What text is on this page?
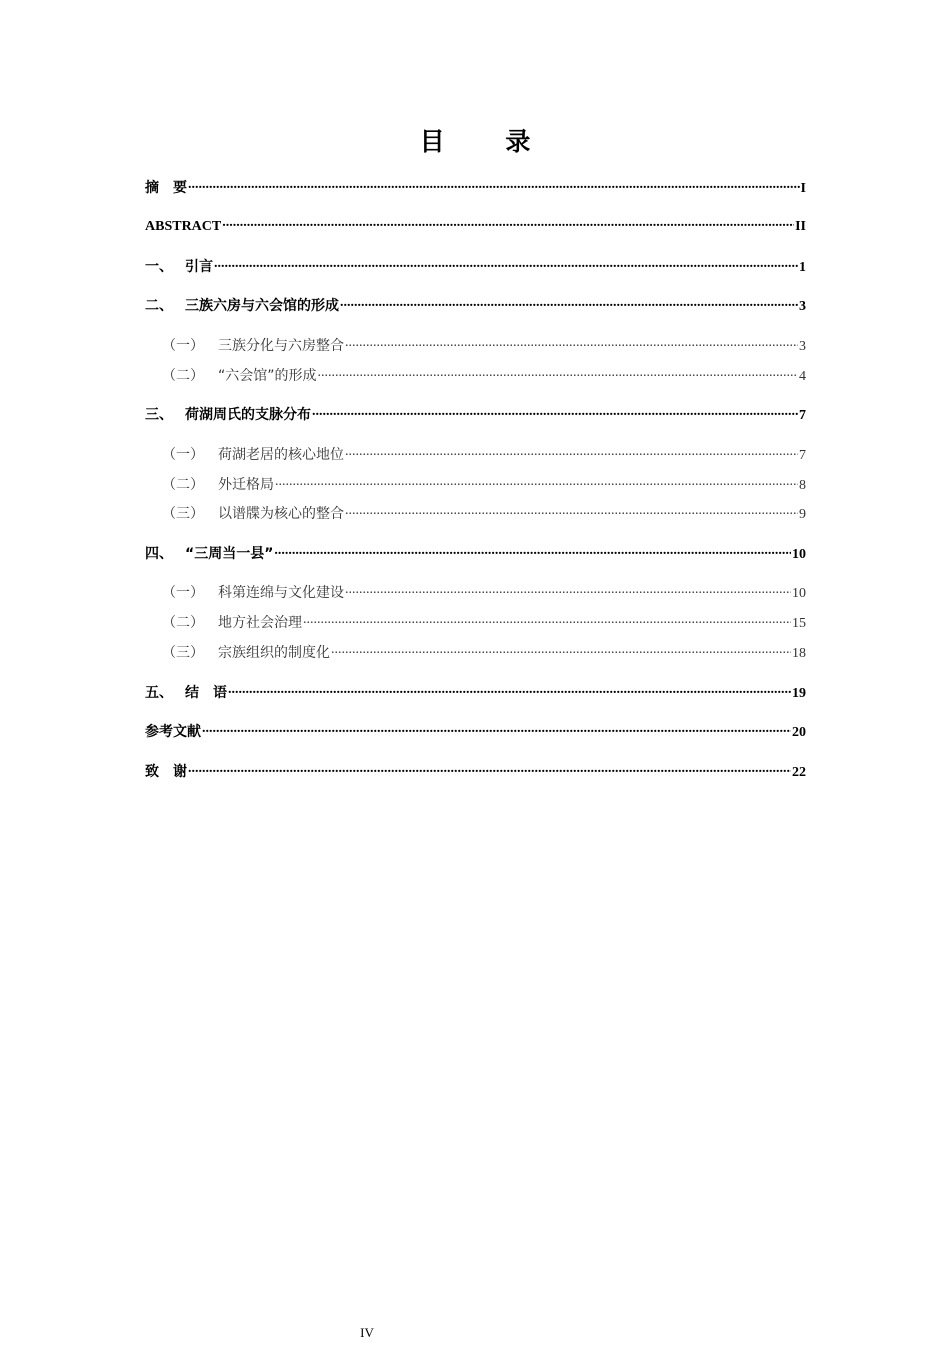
目 录
摘　要 .....	I
ABSTRACT .....	II
一、 引言 .....	1
二、 三族六房与六会馆的形成 .....	3
（一）	三族分化与六房整合 .....	3
（二）	“六会馆”的形成 .....	4
三、 荷湖周氏的支脉分布 .....	7
（一）	荷湖老居的核心地位 .....	7
（二）	外迁格局 .....	8
（三）	以谱牒为核心的整合 .....	9
四、 “三周当一县” .....	10
（一）	科第连绵与文化建设 .....	10
（二）	地方社会治理 .....	15
（三）	宗族组织的制度化 .....	18
五、 结　语 .....	19
参考文献 .....	20
致　谢 .....	22
IV
